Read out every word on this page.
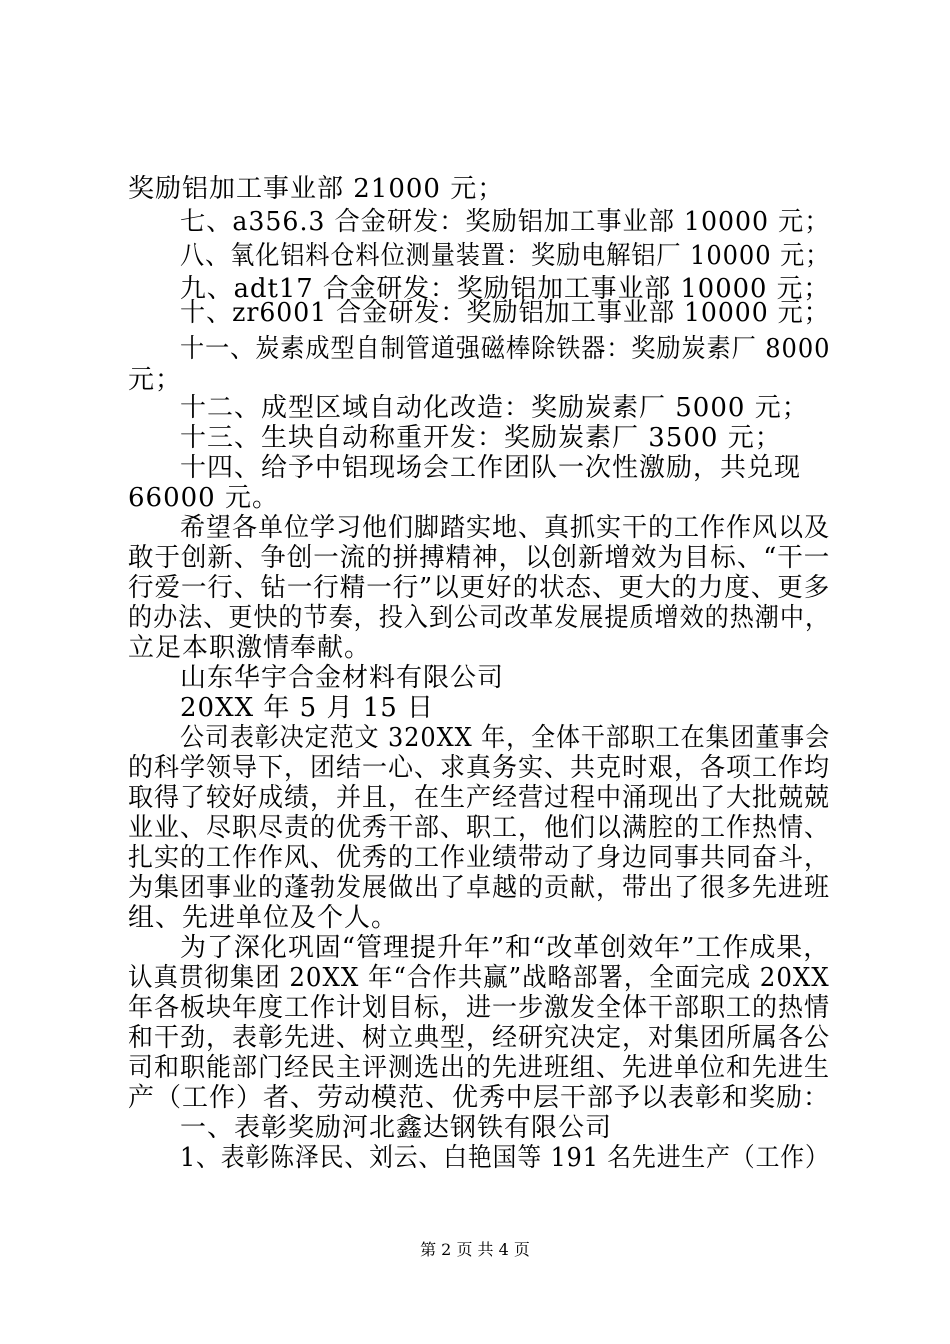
奖励铝加工事业部 21000 元；
七、a356.3 合金研发：奖励铝加工事业部 10000 元；
八、氧化铝料仓料位测量装置：奖励电解铝厂 10000 元；
九、adt17 合金研发：奖励铝加工事业部 10000 元；
十、zr6001 合金研发：奖励铝加工事业部 10000 元；
十一、炭素成型自制管道强磁棒除铁器：奖励炭素厂 8000
元；
十二、成型区域自动化改造：奖励炭素厂 5000 元；
十三、生块自动称重开发：奖励炭素厂 3500 元；
十四、给予中铝现场会工作团队一次性激励，共兑现
66000 元。
希望各单位学习他们脚踏实地、真抓实干的工作作风以及
敢于创新、争创一流的拼搏精神，以创新增效为目标、“干一
行爱一行、钻一行精一行”以更好的状态、更大的力度、更多
的办法、更快的节奏，投入到公司改革发展提质增效的热潮中，
立足本职激情奉献。
山东华宇合金材料有限公司
20XX 年 5 月 15 日
公司表彰决定范文 320XX 年，全体干部职工在集团董事会
的科学领导下，团结一心、求真务实、共克时艰，各项工作均
取得了较好成绩，并且，在生产经营过程中涌现出了大批兢兢
业业、尽职尽责的优秀干部、职工，他们以满腔的工作热情、
扎实的工作作风、优秀的工作业绩带动了身边同事共同奋斗，
为集团事业的蓬勃发展做出了卓越的贡献，带出了很多先进班
组、先进单位及个人。
为了深化巩固“管理提升年”和“改革创效年”工作成果，
认真贯彻集团 20XX 年“合作共赢”战略部署，全面完成 20XX
年各板块年度工作计划目标，进一步激发全体干部职工的热情
和干劲，表彰先进、树立典型，经研究决定，对集团所属各公
司和职能部门经民主评测选出的先进班组、先进单位和先进生
产（工作）者、劳动模范、优秀中层干部予以表彰和奖励：
一、表彰奖励河北鑫达钢铁有限公司
1、表彰陈泽民、刘云、白艳国等 191 名先进生产（工作）
第 2 页 共 4 页
